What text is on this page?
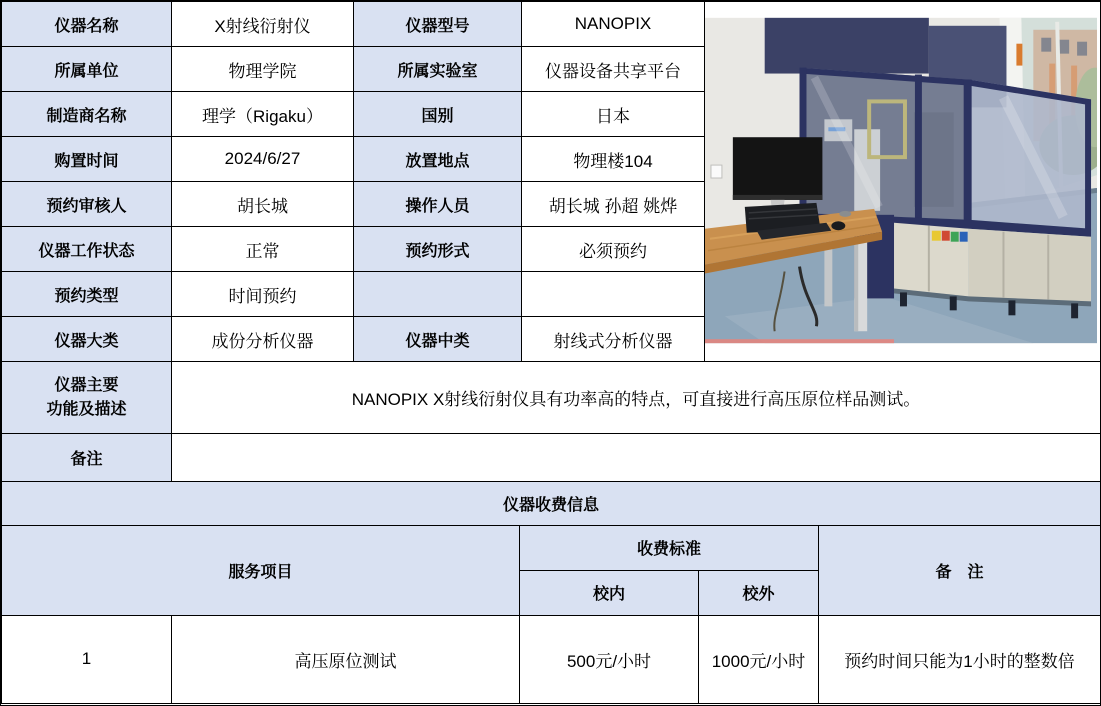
仪器名称	X射线衍射仪	仪器型号	NANOPIX	

所属单位	物理学院	所属实验室	仪器设备共享平台	
制造商名称	理学（Rigaku）	国别	日本	
购置时间	2024/6/27	放置地点	物理楼104	
预约审核人	胡长城	操作人员	胡长城 孙超 姚烨	
仪器工作状态	正常	预约形式	必须预约	
预约类型	时间预约			
仪器大类	成份分析仪器	仪器中类	射线式分析仪器	

仪器主要
功能及描述	NANOPIX X射线衍射仪具有功率高的特点，可直接进行高压原位样品测试。			
备注				
仪器收费信息				
服务项目		收费标准		备　注
		校内	校外	
1	高压原位测试	500元/小时	1000元/小时	预约时间只能为1小时的整数倍
